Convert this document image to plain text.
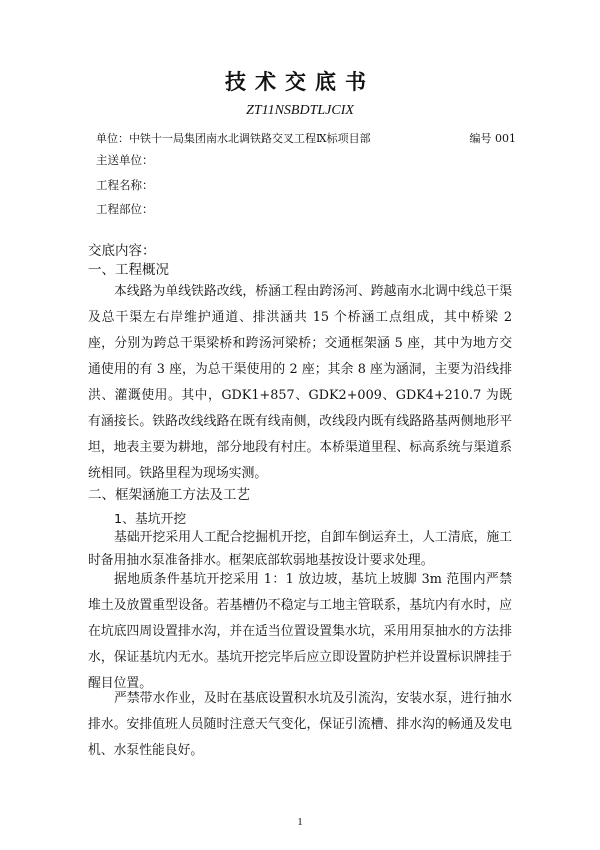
技术交底书
ZT11NSBDTLJCIX
单位：中铁十一局集团南水北调铁路交叉工程Ⅸ标项目部	编号 001
主送单位：
工程名称：
工程部位：
交底内容：
一、工程概况

本线路为单线铁路改线，桥涵工程由跨汤河、跨越南水北调中线总干渠及总干渠左右岸维护通道、排洪涵共 15 个桥涵工点组成，其中桥梁 2 座，分别为跨总干渠梁桥和跨汤河梁桥；交通框架涵 5 座，其中为地方交通使用的有 3 座，为总干渠使用的 2 座；其余 8 座为涵洞，主要为沿线排洪、灌溉使用。其中，GDK1+857、GDK2+009、GDK4+210.7 为既有涵接长。铁路改线线路在既有线南侧，改线段内既有线路路基两侧地形平坦，地表主要为耕地，部分地段有村庄。本桥渠道里程、标高系统与渠道系统相同。铁路里程为现场实测。

二、框架涵施工方法及工艺
1、基坑开挖

基础开挖采用人工配合挖掘机开挖，自卸车倒运弃土，人工清底，施工时备用抽水泵准备排水。框架底部软弱地基按设计要求处理。

据地质条件基坑开挖采用 1：1 放边坡，基坑上坡脚 3m 范围内严禁堆土及放置重型设备。若基槽仍不稳定与工地主管联系，基坑内有水时，应在坑底四周设置排水沟，并在适当位置设置集水坑，采用用泵抽水的方法排水，保证基坑内无水。基坑开挖完毕后应立即设置防护栏并设置标识牌挂于醒目位置。

严禁带水作业，及时在基底设置积水坑及引流沟，安装水泵，进行抽水排水。安排值班人员随时注意天气变化，保证引流槽、排水沟的畅通及发电机、水泵性能良好。

1
